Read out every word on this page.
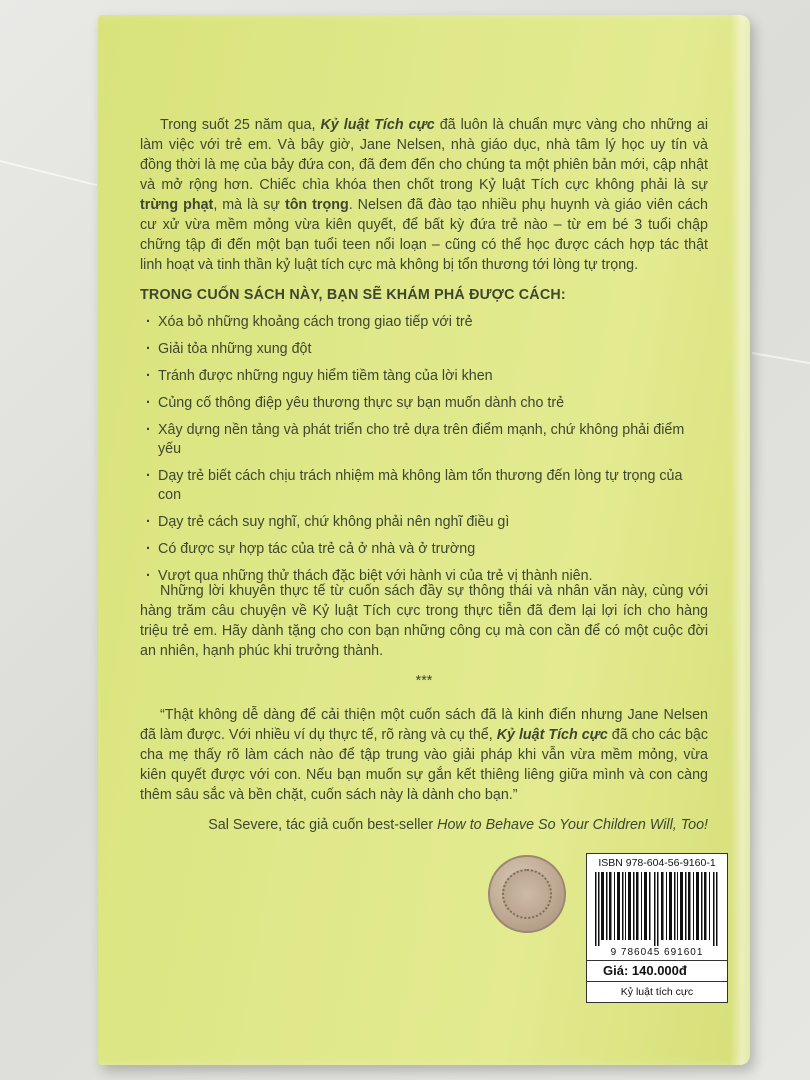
Trong suốt 25 năm qua, Kỷ luật Tích cực đã luôn là chuẩn mực vàng cho những ai làm việc với trẻ em. Và bây giờ, Jane Nelsen, nhà giáo dục, nhà tâm lý học uy tín và đồng thời là mẹ của bảy đứa con, đã đem đến cho chúng ta một phiên bản mới, cập nhật và mở rộng hơn. Chiếc chìa khóa then chốt trong Kỷ luật Tích cực không phải là sự trừng phạt, mà là sự tôn trọng. Nelsen đã đào tạo nhiều phụ huynh và giáo viên cách cư xử vừa mềm mỏng vừa kiên quyết, để bất kỳ đứa trẻ nào – từ em bé 3 tuổi chập chững tập đi đến một bạn tuổi teen nổi loạn – cũng có thể học được cách hợp tác thật linh hoạt và tinh thần kỷ luật tích cực mà không bị tổn thương tới lòng tự trọng.
TRONG CUỐN SÁCH NÀY, BẠN SẼ KHÁM PHÁ ĐƯỢC CÁCH:
· Xóa bỏ những khoảng cách trong giao tiếp với trẻ
· Giải tỏa những xung đột
· Tránh được những nguy hiểm tiềm tàng của lời khen
· Củng cố thông điệp yêu thương thực sự bạn muốn dành cho trẻ
· Xây dựng nền tảng và phát triển cho trẻ dựa trên điểm mạnh, chứ không phải điểm yếu
· Dạy trẻ biết cách chịu trách nhiệm mà không làm tổn thương đến lòng tự trọng của con
· Dạy trẻ cách suy nghĩ, chứ không phải nên nghĩ điều gì
· Có được sự hợp tác của trẻ cả ở nhà và ở trường
· Vượt qua những thử thách đặc biệt với hành vi của trẻ vị thành niên.
Những lời khuyên thực tế từ cuốn sách đầy sự thông thái và nhân văn này, cùng với hàng trăm câu chuyện về Kỷ luật Tích cực trong thực tiễn đã đem lại lợi ích cho hàng triệu trẻ em. Hãy dành tặng cho con bạn những công cụ mà con cần để có một cuộc đời an nhiên, hạnh phúc khi trưởng thành.
***
“Thật không dễ dàng để cải thiện một cuốn sách đã là kinh điển nhưng Jane Nelsen đã làm được. Với nhiều ví dụ thực tế, rõ ràng và cụ thể, Kỷ luật Tích cực đã cho các bậc cha mẹ thấy rõ làm cách nào để tập trung vào giải pháp khi vẫn vừa mềm mỏng, vừa kiên quyết được với con. Nếu bạn muốn sự gắn kết thiêng liêng giữa mình và con càng thêm sâu sắc và bền chặt, cuốn sách này là dành cho bạn.”
Sal Severe, tác giả cuốn best-seller How to Behave So Your Children Will, Too!
ISBN 978-604-56-9160-1
9 786045 691601
Giá: 140.000đ
Kỷ luật tích cực
